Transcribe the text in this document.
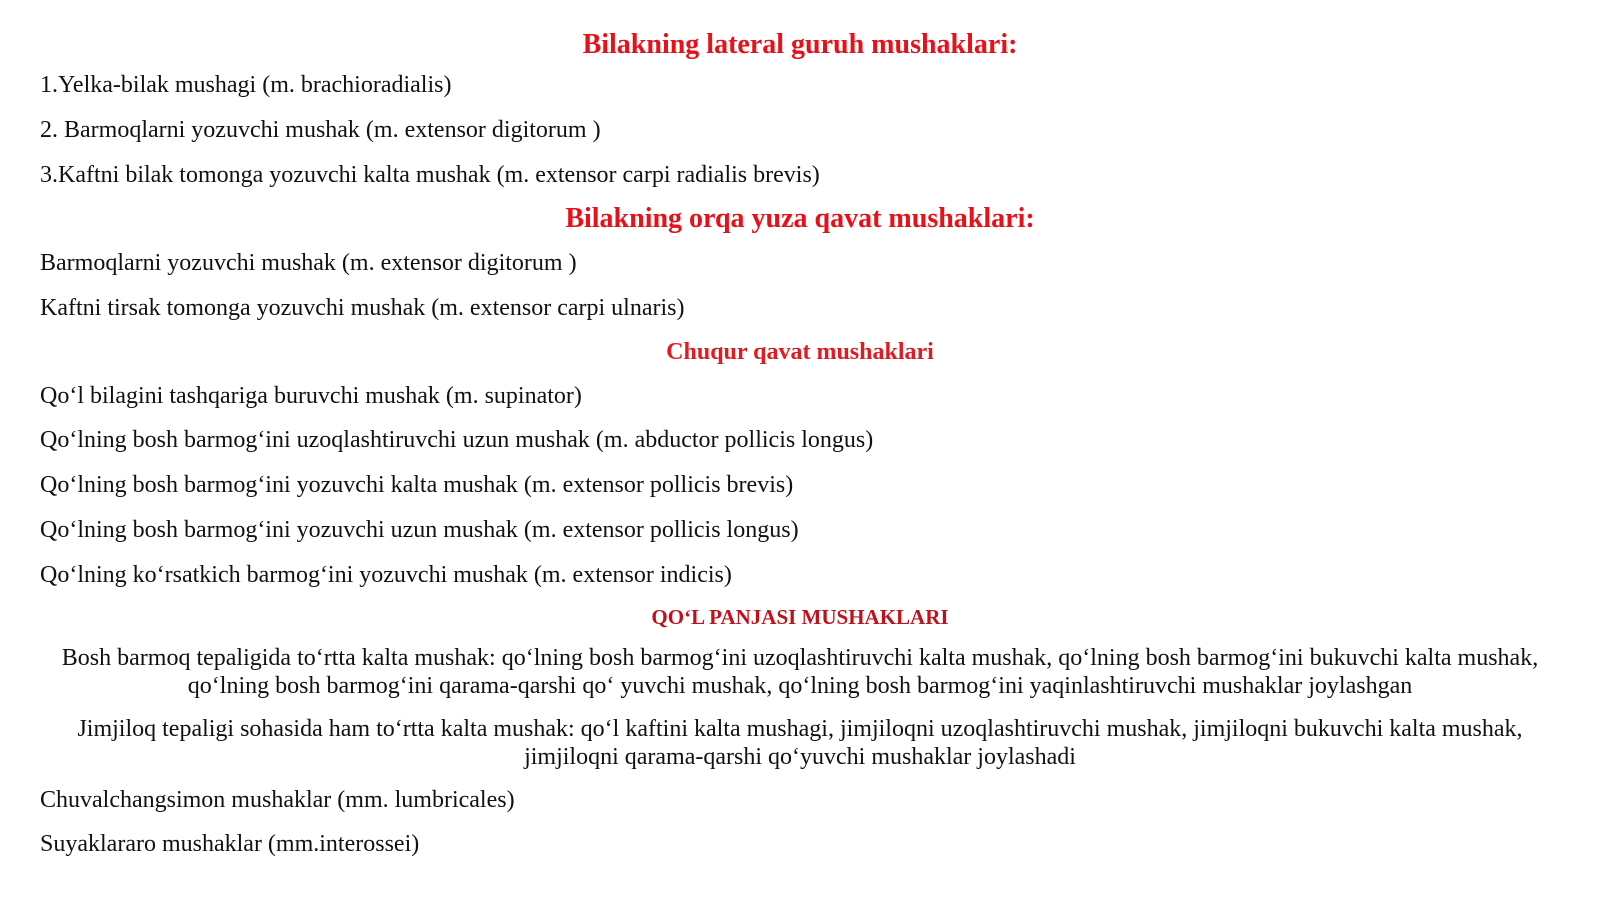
Bilakning lateral guruh mushaklari:

1.Yelka-bilak mushagi (m. brachioradialis)

2. Barmoqlarni yozuvchi mushak (m. extensor digitorum )

3.Kaftni bilak tomonga yozuvchi kalta mushak (m. extensor carpi radialis brevis)

Bilakning orqa yuza qavat mushaklari:

Barmoqlarni yozuvchi mushak (m. extensor digitorum )

Kaftni tirsak tomonga yozuvchi mushak (m. extensor carpi ulnaris)

Chuqur qavat mushaklari

Qo‘l bilagini tashqariga buruvchi mushak (m. supinator)

Qo‘lning bosh barmog‘ini uzoqlashtiruvchi uzun mushak (m. abductor pollicis longus)

Qo‘lning bosh barmog‘ini yozuvchi kalta mushak (m. extensor pollicis brevis)

Qo‘lning bosh barmog‘ini yozuvchi uzun mushak (m. extensor pollicis longus)

Qo‘lning ko‘rsatkich barmog‘ini yozuvchi mushak (m. extensor indicis)

QO‘L PANJASI MUSHAKLARI

Bosh barmoq tepaligida to‘rtta kalta mushak: qo‘lning bosh barmog‘ini uzoqlashtiruvchi kalta mushak, qo‘lning bosh barmog‘ini bukuvchi kalta mushak, qo‘lning bosh barmog‘ini qarama-qarshi qo‘ yuvchi mushak, qo‘lning bosh barmog‘ini yaqinlashtiruvchi mushaklar joylashgan

Jimjiloq tepaligi sohasida ham to‘rtta kalta mushak: qo‘l kaftini kalta mushagi, jimjiloqni uzoqlashtiruvchi mushak, jimjiloqni bukuvchi kalta mushak, jimjiloqni qarama-qarshi qo‘yuvchi mushaklar joylashadi

Chuvalchangsimon mushaklar (mm. lumbricales)

Suyaklararo mushaklar (mm.interossei)
